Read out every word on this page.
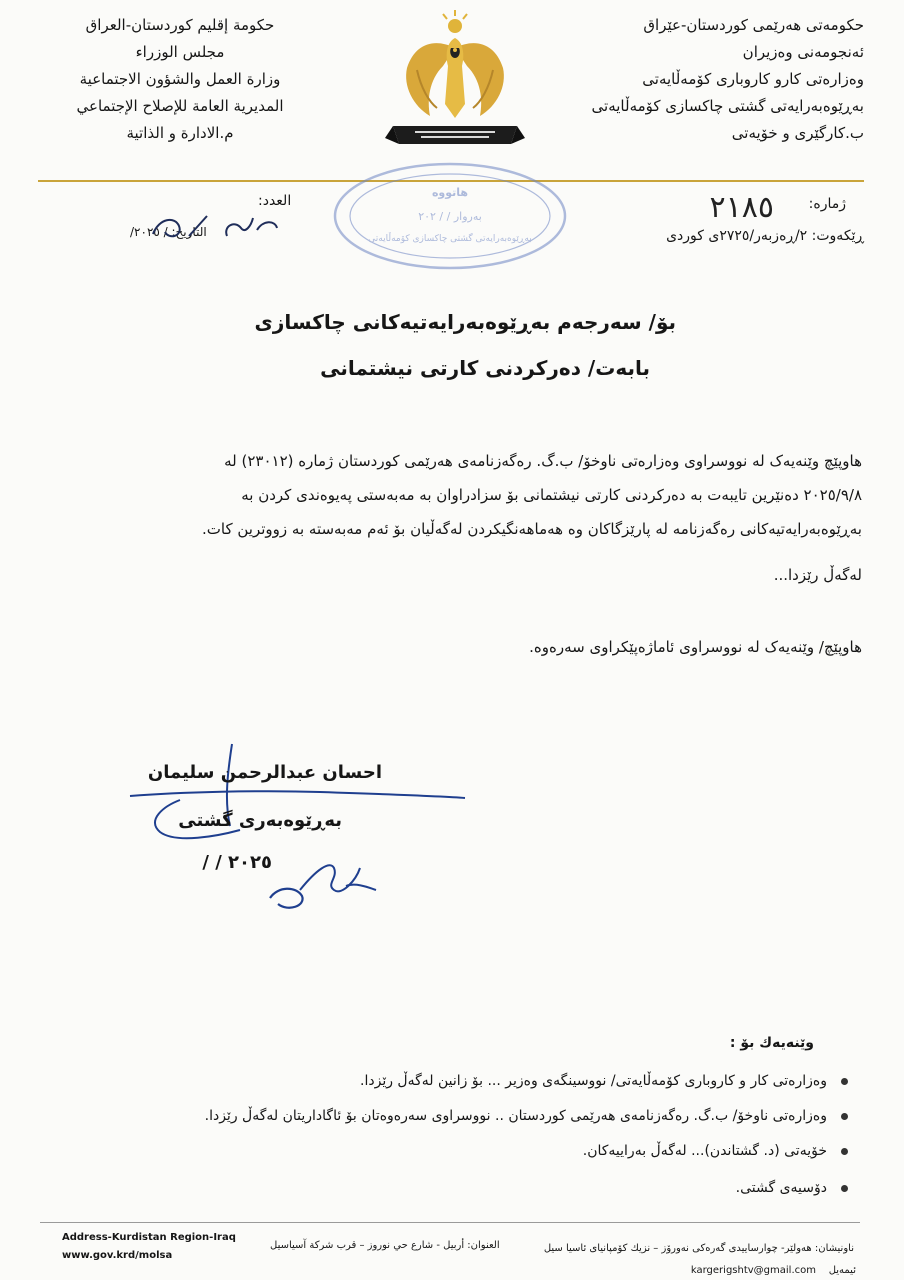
حكومەتی هەرێمی كوردستان-عێراق
ئەنجومەنی وەزیران
وەزارەتی كارو كاروباری كۆمەڵایەتی
بەڕێوەبەرایەتی گشتی چاكسازی كۆمەڵایەتی
ب.كارگێری و خۆیەتی
حكومة إقليم كوردستان-العراق
مجلس الوزراء
وزارة العمل والشؤون الاجتماعية
المديرية العامة للإصلاح الإجتماعي
م.الادارة و الذاتية
ژمارە:
٢١٨٥
ڕێكەوت: ٢/ڕەزبەر/٢٧٢٥ی كوردی
العدد:
التاريخ: / ٢٠٢٥/
٨ / ١٠	هاتووه
بەروار / / ٢٠٢
بەڕێوەبەرایەتی گشتی چاكسازی كۆمەڵایەتی
بۆ/ سەرجەم بەڕێوەبەرایەتیەكانی چاكسازی
بابەت/ دەركردنی كارتی نیشتمانی
هاوپێچ وێنەیەک لە نووسراوی وەزارەتی ناوخۆ/ ب.گ. رەگەزنامەی هەرێمی كوردستان ژمارە (٢٣٠١٢) لە
٢٠٢٥/٩/٨ دەنێرین تایبەت بە دەركردنی كارتی نیشتمانی بۆ سزادراوان بە مەبەستی پەیوەندی كردن بە
بەڕێوەبەرایەتیەكانی رەگەزنامە لە پارێزگاكان وە هەماهەنگیكردن لەگەڵیان بۆ ئەم مەبەستە بە زووترین كات.
لەگەڵ رێزدا...
هاوپێچ/ وێنەیەک لە نووسراوی ئاماژەپێكراوی سەرەوە.
احسان عبدالرحمن سليمان
بەڕێوەبەری گشتی
٢٠٢٥ / /
وێنەیەك بۆ :
وەزارەتی كار و كاروباری كۆمەڵایەتی/ نووسینگەی وەزیر ... بۆ زانین لەگەڵ رێزدا.
وەزارەتی ناوخۆ/ ب.گ. رەگەزنامەی هەرێمی كوردستان .. نووسراوی سەرەوەتان بۆ ئاگاداریتان لەگەڵ رێزدا.
خۆیەتی (د. گشتاندن)... لەگەڵ بەراییەكان.
دۆسیەی گشتی.
Address-Kurdistan Region-Iraq
www.gov.krd/molsa
العنوان: أربيل - شارع حي نوروز – قرب شركة آسياسيل	ناونیشان: هەولێر- چوارساییدی گەرەكی نەورۆز – نزیك كۆمپانیای ئاسیا سیل
kargerigshtv@gmail.com ئیمەیل
